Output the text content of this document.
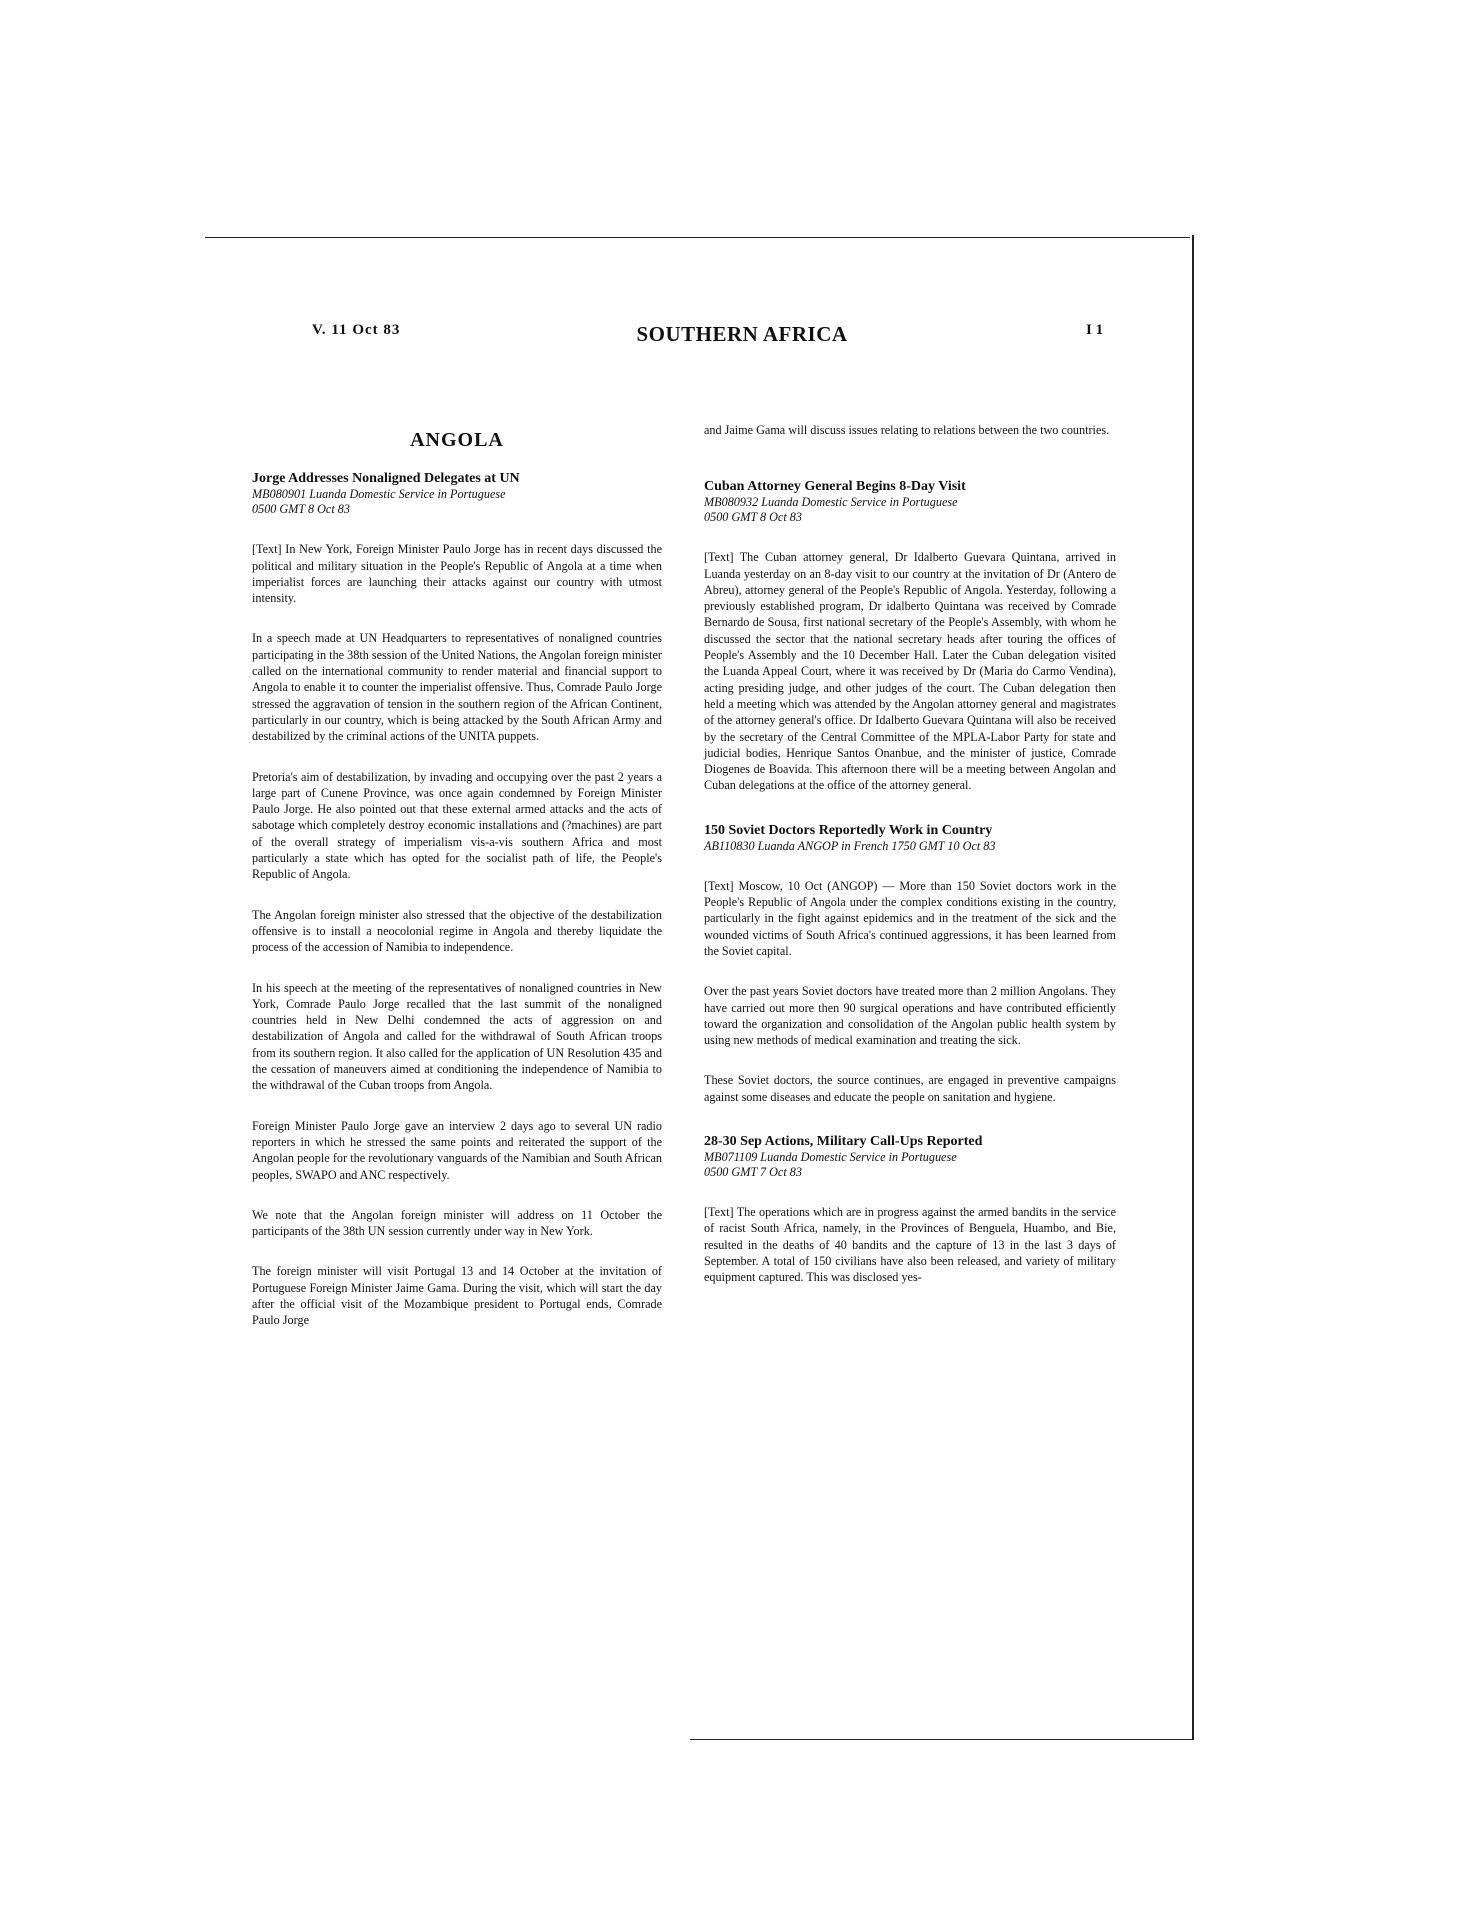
V. 11 Oct 83	SOUTHERN AFRICA	I 1
ANGOLA

Jorge Addresses Nonaligned Delegates at UN

MB080901 Luanda Domestic Service in Portuguese
0500 GMT 8 Oct 83

[Text] In New York, Foreign Minister Paulo Jorge has in recent days discussed the political and military situation in the People's Republic of Angola at a time when imperialist forces are launching their attacks against our country with utmost intensity.

In a speech made at UN Headquarters to representatives of nonaligned countries participating in the 38th session of the United Nations, the Angolan foreign minister called on the international community to render material and financial support to Angola to enable it to counter the imperialist offensive. Thus, Comrade Paulo Jorge stressed the aggravation of tension in the southern region of the African Continent, particularly in our country, which is being attacked by the South African Army and destabilized by the criminal actions of the UNITA puppets.

Pretoria's aim of destabilization, by invading and occupying over the past 2 years a large part of Cunene Province, was once again condemned by Foreign Minister Paulo Jorge. He also pointed out that these external armed attacks and the acts of sabotage which completely destroy economic installations and (?machines) are part of the overall strategy of imperialism vis-a-vis southern Africa and most particularly a state which has opted for the socialist path of life, the People's Republic of Angola.

The Angolan foreign minister also stressed that the objective of the destabilization offensive is to install a neocolonial regime in Angola and thereby liquidate the process of the accession of Namibia to independence.

In his speech at the meeting of the representatives of nonaligned countries in New York, Comrade Paulo Jorge recalled that the last summit of the nonaligned countries held in New Delhi condemned the acts of aggression on and destabilization of Angola and called for the withdrawal of South African troops from its southern region. It also called for the application of UN Resolution 435 and the cessation of maneuvers aimed at conditioning the independence of Namibia to the withdrawal of the Cuban troops from Angola.

Foreign Minister Paulo Jorge gave an interview 2 days ago to several UN radio reporters in which he stressed the same points and reiterated the support of the Angolan people for the revolutionary vanguards of the Namibian and South African peoples, SWAPO and ANC respectively.

We note that the Angolan foreign minister will address on 11 October the participants of the 38th UN session currently under way in New York.

The foreign minister will visit Portugal 13 and 14 October at the invitation of Portuguese Foreign Minister Jaime Gama. During the visit, which will start the day after the official visit of the Mozambique president to Portugal ends, Comrade Paulo Jorge

and Jaime Gama will discuss issues relating to relations between the two countries.

Cuban Attorney General Begins 8-Day Visit

MB080932 Luanda Domestic Service in Portuguese
0500 GMT 8 Oct 83

[Text] The Cuban attorney general, Dr Idalberto Guevara Quintana, arrived in Luanda yesterday on an 8-day visit to our country at the invitation of Dr (Antero de Abreu), attorney general of the People's Republic of Angola. Yesterday, following a previously established program, Dr idalberto Quintana was received by Comrade Bernardo de Sousa, first national secretary of the People's Assembly, with whom he discussed the sector that the national secretary heads after touring the offices of People's Assembly and the 10 December Hall. Later the Cuban delegation visited the Luanda Appeal Court, where it was received by Dr (Maria do Carmo Vendina), acting presiding judge, and other judges of the court. The Cuban delegation then held a meeting which was attended by the Angolan attorney general and magistrates of the attorney general's office. Dr Idalberto Guevara Quintana will also be received by the secretary of the Central Committee of the MPLA-Labor Party for state and judicial bodies, Henrique Santos Onanbue, and the minister of justice, Comrade Diogenes de Boavida. This afternoon there will be a meeting between Angolan and Cuban delegations at the office of the attorney general.

150 Soviet Doctors Reportedly Work in Country

AB110830 Luanda ANGOP in French 1750 GMT 10 Oct 83

[Text] Moscow, 10 Oct (ANGOP) — More than 150 Soviet doctors work in the People's Republic of Angola under the complex conditions existing in the country, particularly in the fight against epidemics and in the treatment of the sick and the wounded victims of South Africa's continued aggressions, it has been learned from the Soviet capital.

Over the past years Soviet doctors have treated more than 2 million Angolans. They have carried out more then 90 surgical operations and have contributed efficiently toward the organization and consolidation of the Angolan public health system by using new methods of medical examination and treating the sick.

These Soviet doctors, the source continues, are engaged in preventive campaigns against some diseases and educate the people on sanitation and hygiene.

28-30 Sep Actions, Military Call-Ups Reported

MB071109 Luanda Domestic Service in Portuguese
0500 GMT 7 Oct 83

[Text] The operations which are in progress against the armed bandits in the service of racist South Africa, namely, in the Provinces of Benguela, Huambo, and Bie, resulted in the deaths of 40 bandits and the capture of 13 in the last 3 days of September. A total of 150 civilians have also been released, and variety of military equipment captured. This was disclosed yes-
